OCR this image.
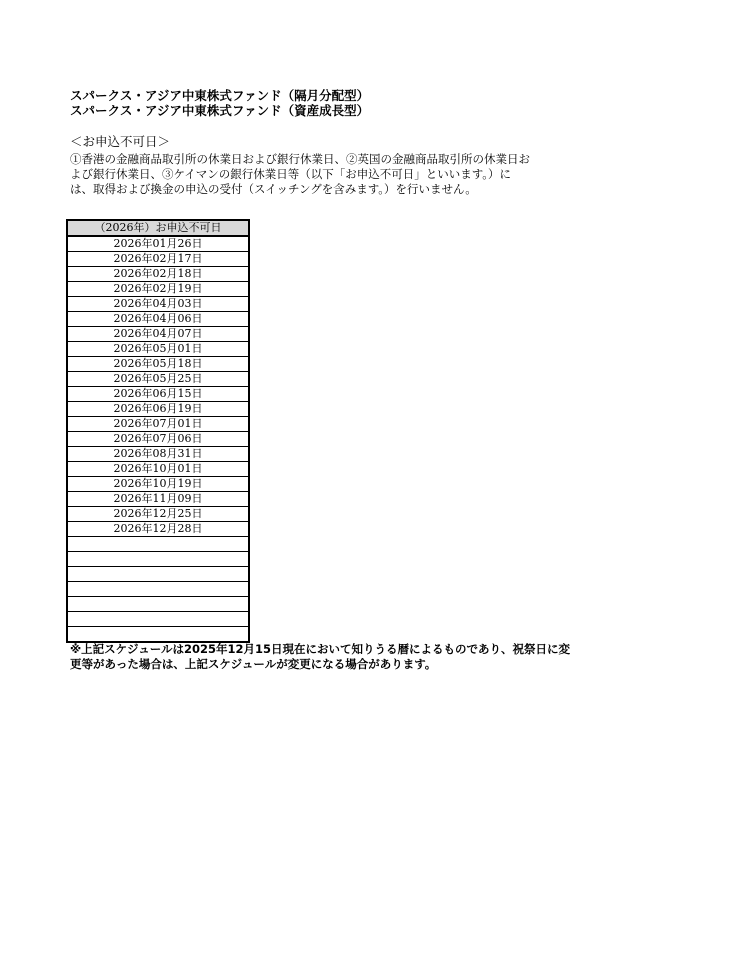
スパークス・アジア中東株式ファンド（隔月分配型）
スパークス・アジア中東株式ファンド（資産成長型）
＜お申込不可日＞
①香港の金融商品取引所の休業日および銀行休業日、②英国の金融商品取引所の休業日お
よび銀行休業日、③ケイマンの銀行休業日等（以下「お申込不可日」といいます。）に
は、取得および換金の申込の受付（スイッチングを含みます。）を行いません。
（2026年）お申込不可日
2026年01月26日
2026年02月17日
2026年02月18日
2026年02月19日
2026年04月03日
2026年04月06日
2026年04月07日
2026年05月01日
2026年05月18日
2026年05月25日
2026年06月15日
2026年06月19日
2026年07月01日
2026年07月06日
2026年08月31日
2026年10月01日
2026年10月19日
2026年11月09日
2026年12月25日
2026年12月28日

※上記スケジュールは2025年12月15日現在において知りうる暦によるものであり、祝祭日に変
更等があった場合は、上記スケジュールが変更になる場合があります。
